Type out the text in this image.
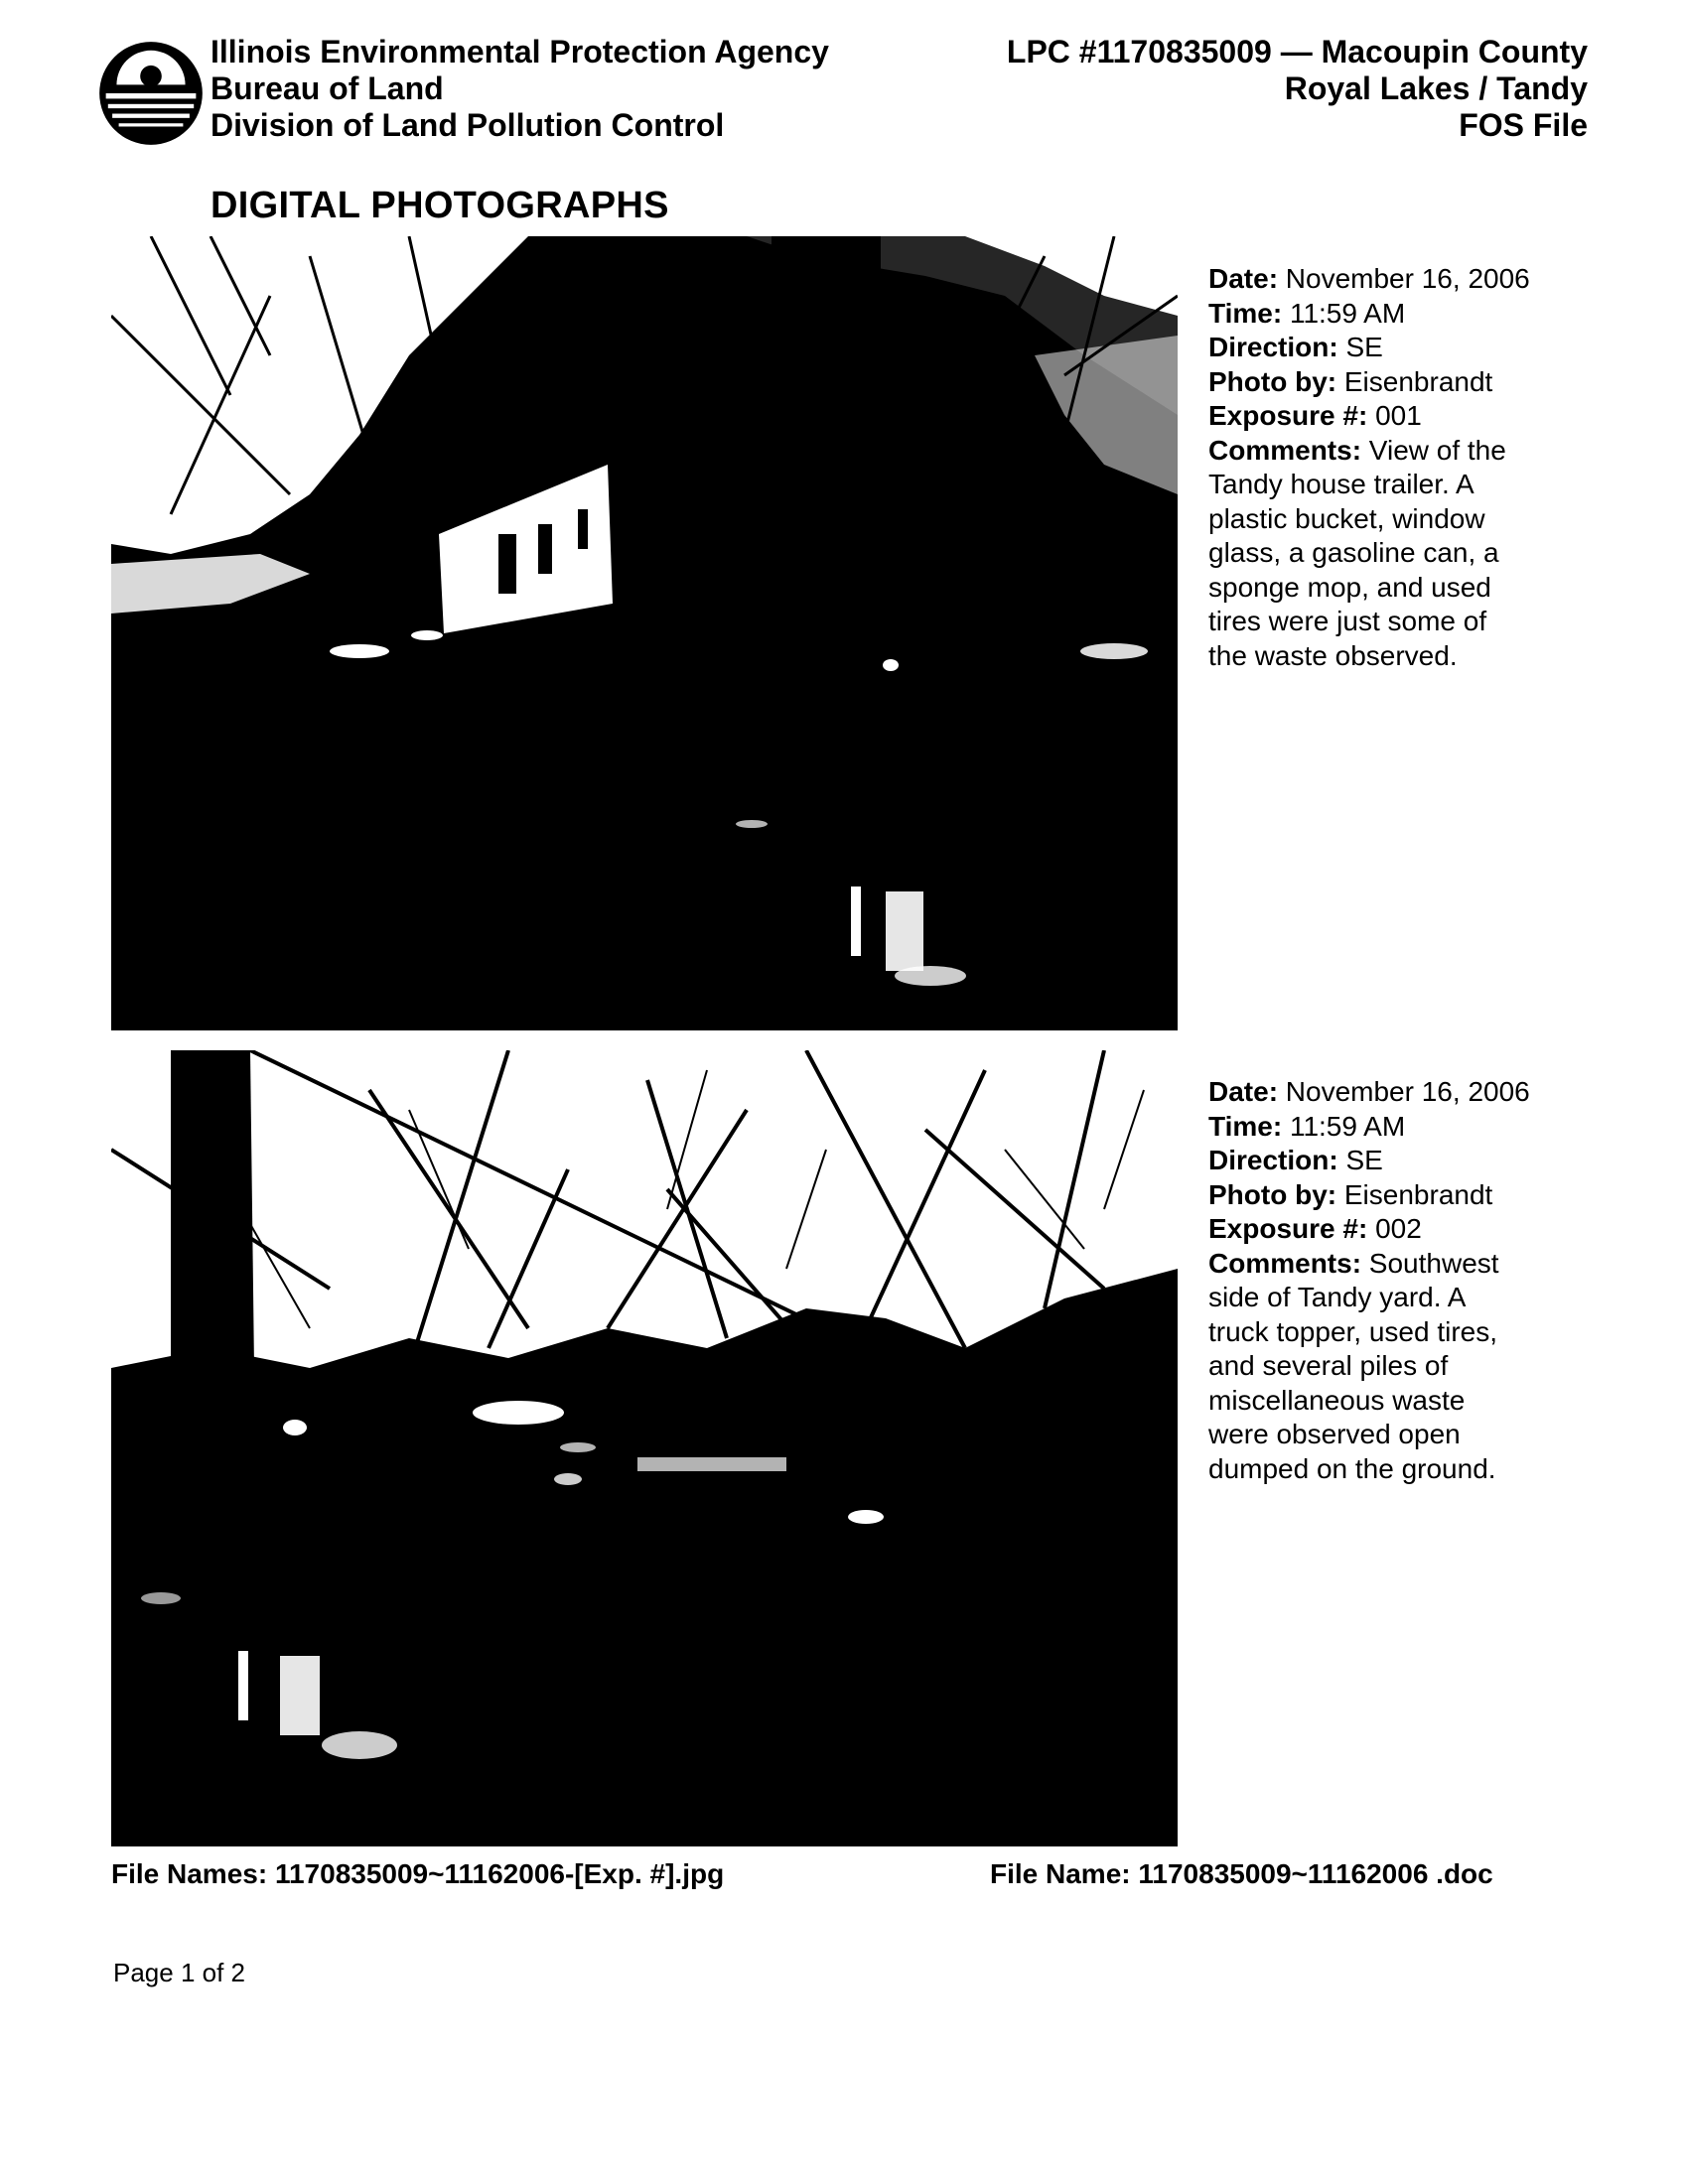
Illinois Environmental Protection Agency
Bureau of Land
Division of Land Pollution Control
LPC #1170835009 — Macoupin County
Royal Lakes / Tandy
FOS File
DIGITAL PHOTOGRAPHS
Date: November 16, 2006
Time: 11:59 AM
Direction: SE
Photo by: Eisenbrandt
Exposure #: 001
Comments: View of the
Tandy house trailer. A
plastic bucket, window
glass, a gasoline can, a
sponge mop, and used
tires were just some of
the waste observed.
Date: November 16, 2006
Time: 11:59 AM
Direction: SE
Photo by: Eisenbrandt
Exposure #: 002
Comments: Southwest
side of Tandy yard. A
truck topper, used tires,
and several piles of
miscellaneous waste
were observed open
dumped on the ground.
File Names: 1170835009~11162006-[Exp. #].jpg	File Name: 1170835009~11162006 .doc
Page 1 of 2
